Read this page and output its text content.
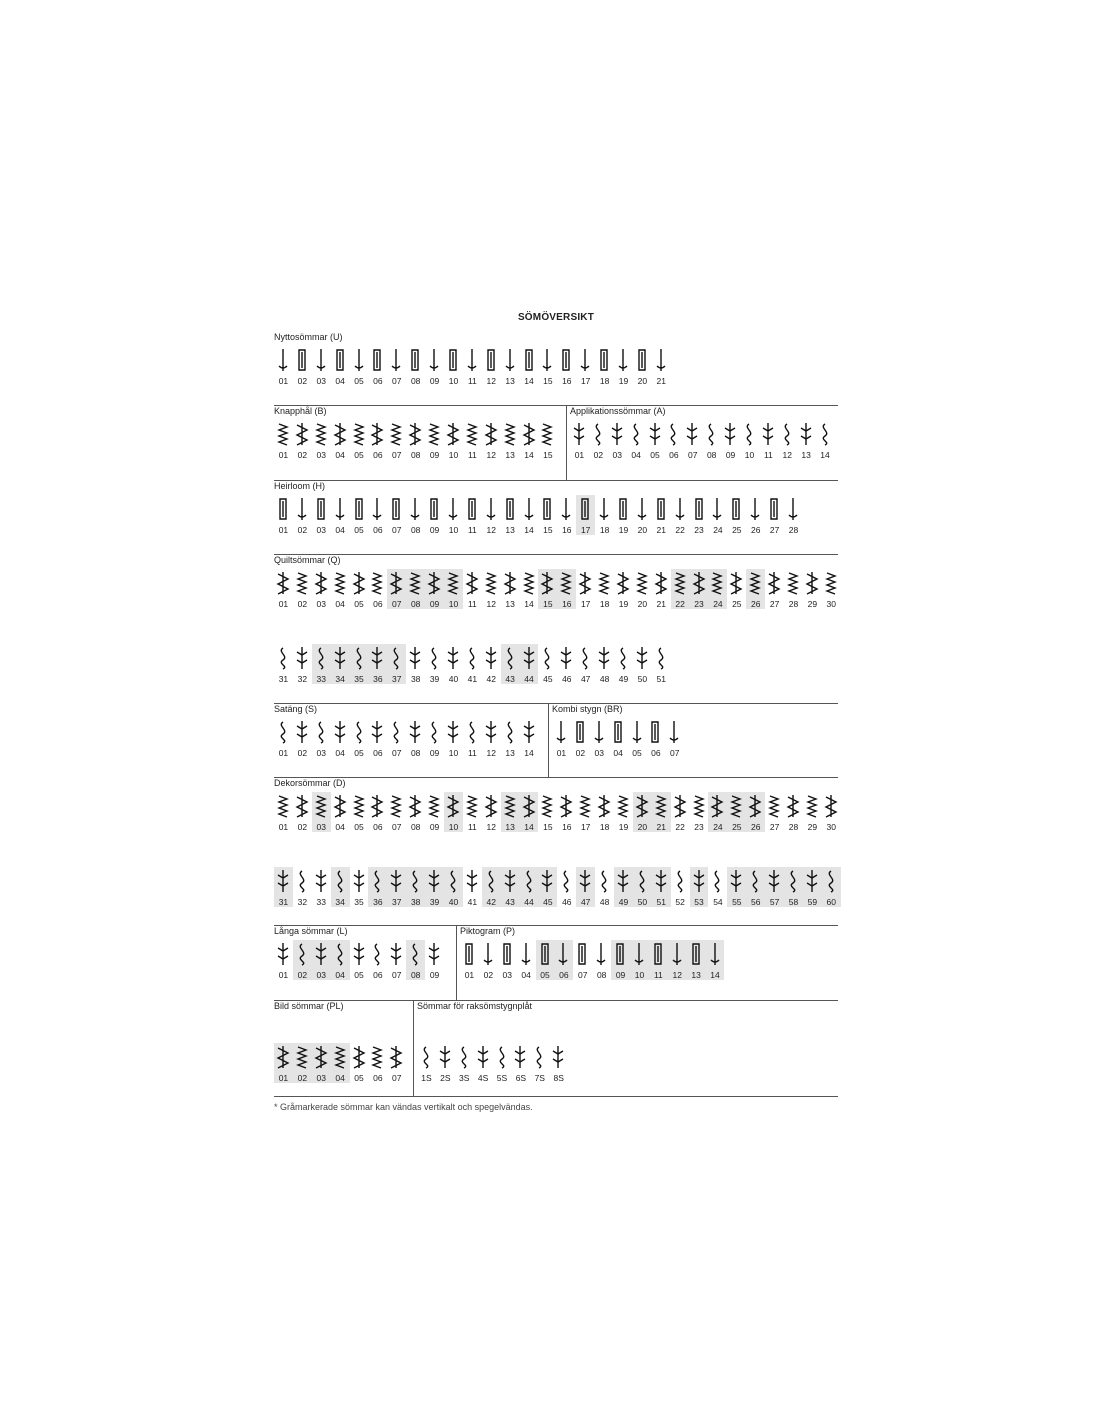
SÖMÖVERSIKT
Nyttosömmar (U)
01	02	03	04	05	06	07	08	09	10	11	12	13	14	15	16	17	18	19	20	21
Knapphål (B)
01	02	03	04	05	06	07	08	09	10	11	12	13	14	15
Applikationssömmar (A)
01	02	03	04	05	06	07	08	09	10	11	12	13	14
Heirloom (H)
01	02	03	04	05	06	07	08	09	10	11	12	13	14	15	16	17	18	19	20	21	22	23	24	25	26	27	28
Quiltsömmar (Q)
01	02	03	04	05	06	07	08	09	10	11	12	13	14	15	16	17	18	19	20	21	22	23	24	25	26	27	28	29	30
31	32	33	34	35	36	37	38	39	40	41	42	43	44	45	46	47	48	49	50	51
Satäng (S)
01	02	03	04	05	06	07	08	09	10	11	12	13	14
Kombi stygn (BR)
01	02	03	04	05	06	07
Dekorsömmar (D)
01	02	03	04	05	06	07	08	09	10	11	12	13	14	15	16	17	18	19	20	21	22	23	24	25	26	27	28	29	30
31	32	33	34	35	36	37	38	39	40	41	42	43	44	45	46	47	48	49	50	51	52	53	54	55	56	57	58	59	60
Långa sömmar (L)
01	02	03	04	05	06	07	08	09
Piktogram (P)
01	02	03	04	05	06	07	08	09	10	11	12	13	14
Bild sömmar (PL)
01	02	03	04	05	06	07
Sömmar för raksömstygnplåt
1S 2S 3S 4S 5S 6S 7S 8S
* Gråmarkerade sömmar kan vändas vertikalt och spegelvändas.
